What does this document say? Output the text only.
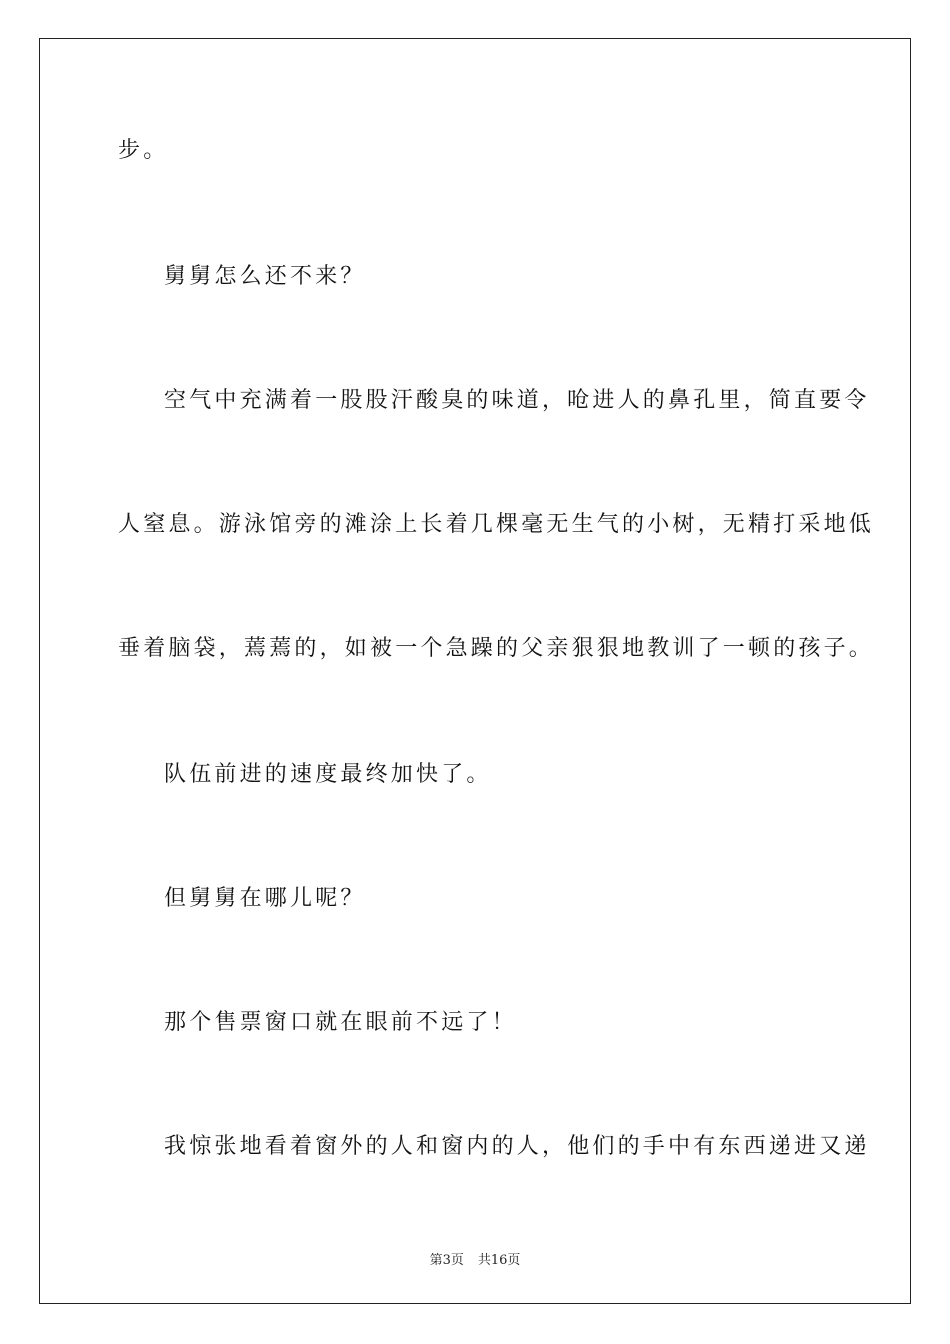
步。

舅舅怎么还不来？

空气中充满着一股股汗酸臭的味道，呛进人的鼻孔里，简直要令

人窒息。游泳馆旁的滩涂上长着几棵毫无生气的小树，无精打采地低

垂着脑袋，蔫蔫的，如被一个急躁的父亲狠狠地教训了一顿的孩子。

队伍前进的速度最终加快了。

但舅舅在哪儿呢？

那个售票窗口就在眼前不远了！

我惊张地看着窗外的人和窗内的人，他们的手中有东西递进又递

第3页 共16页
